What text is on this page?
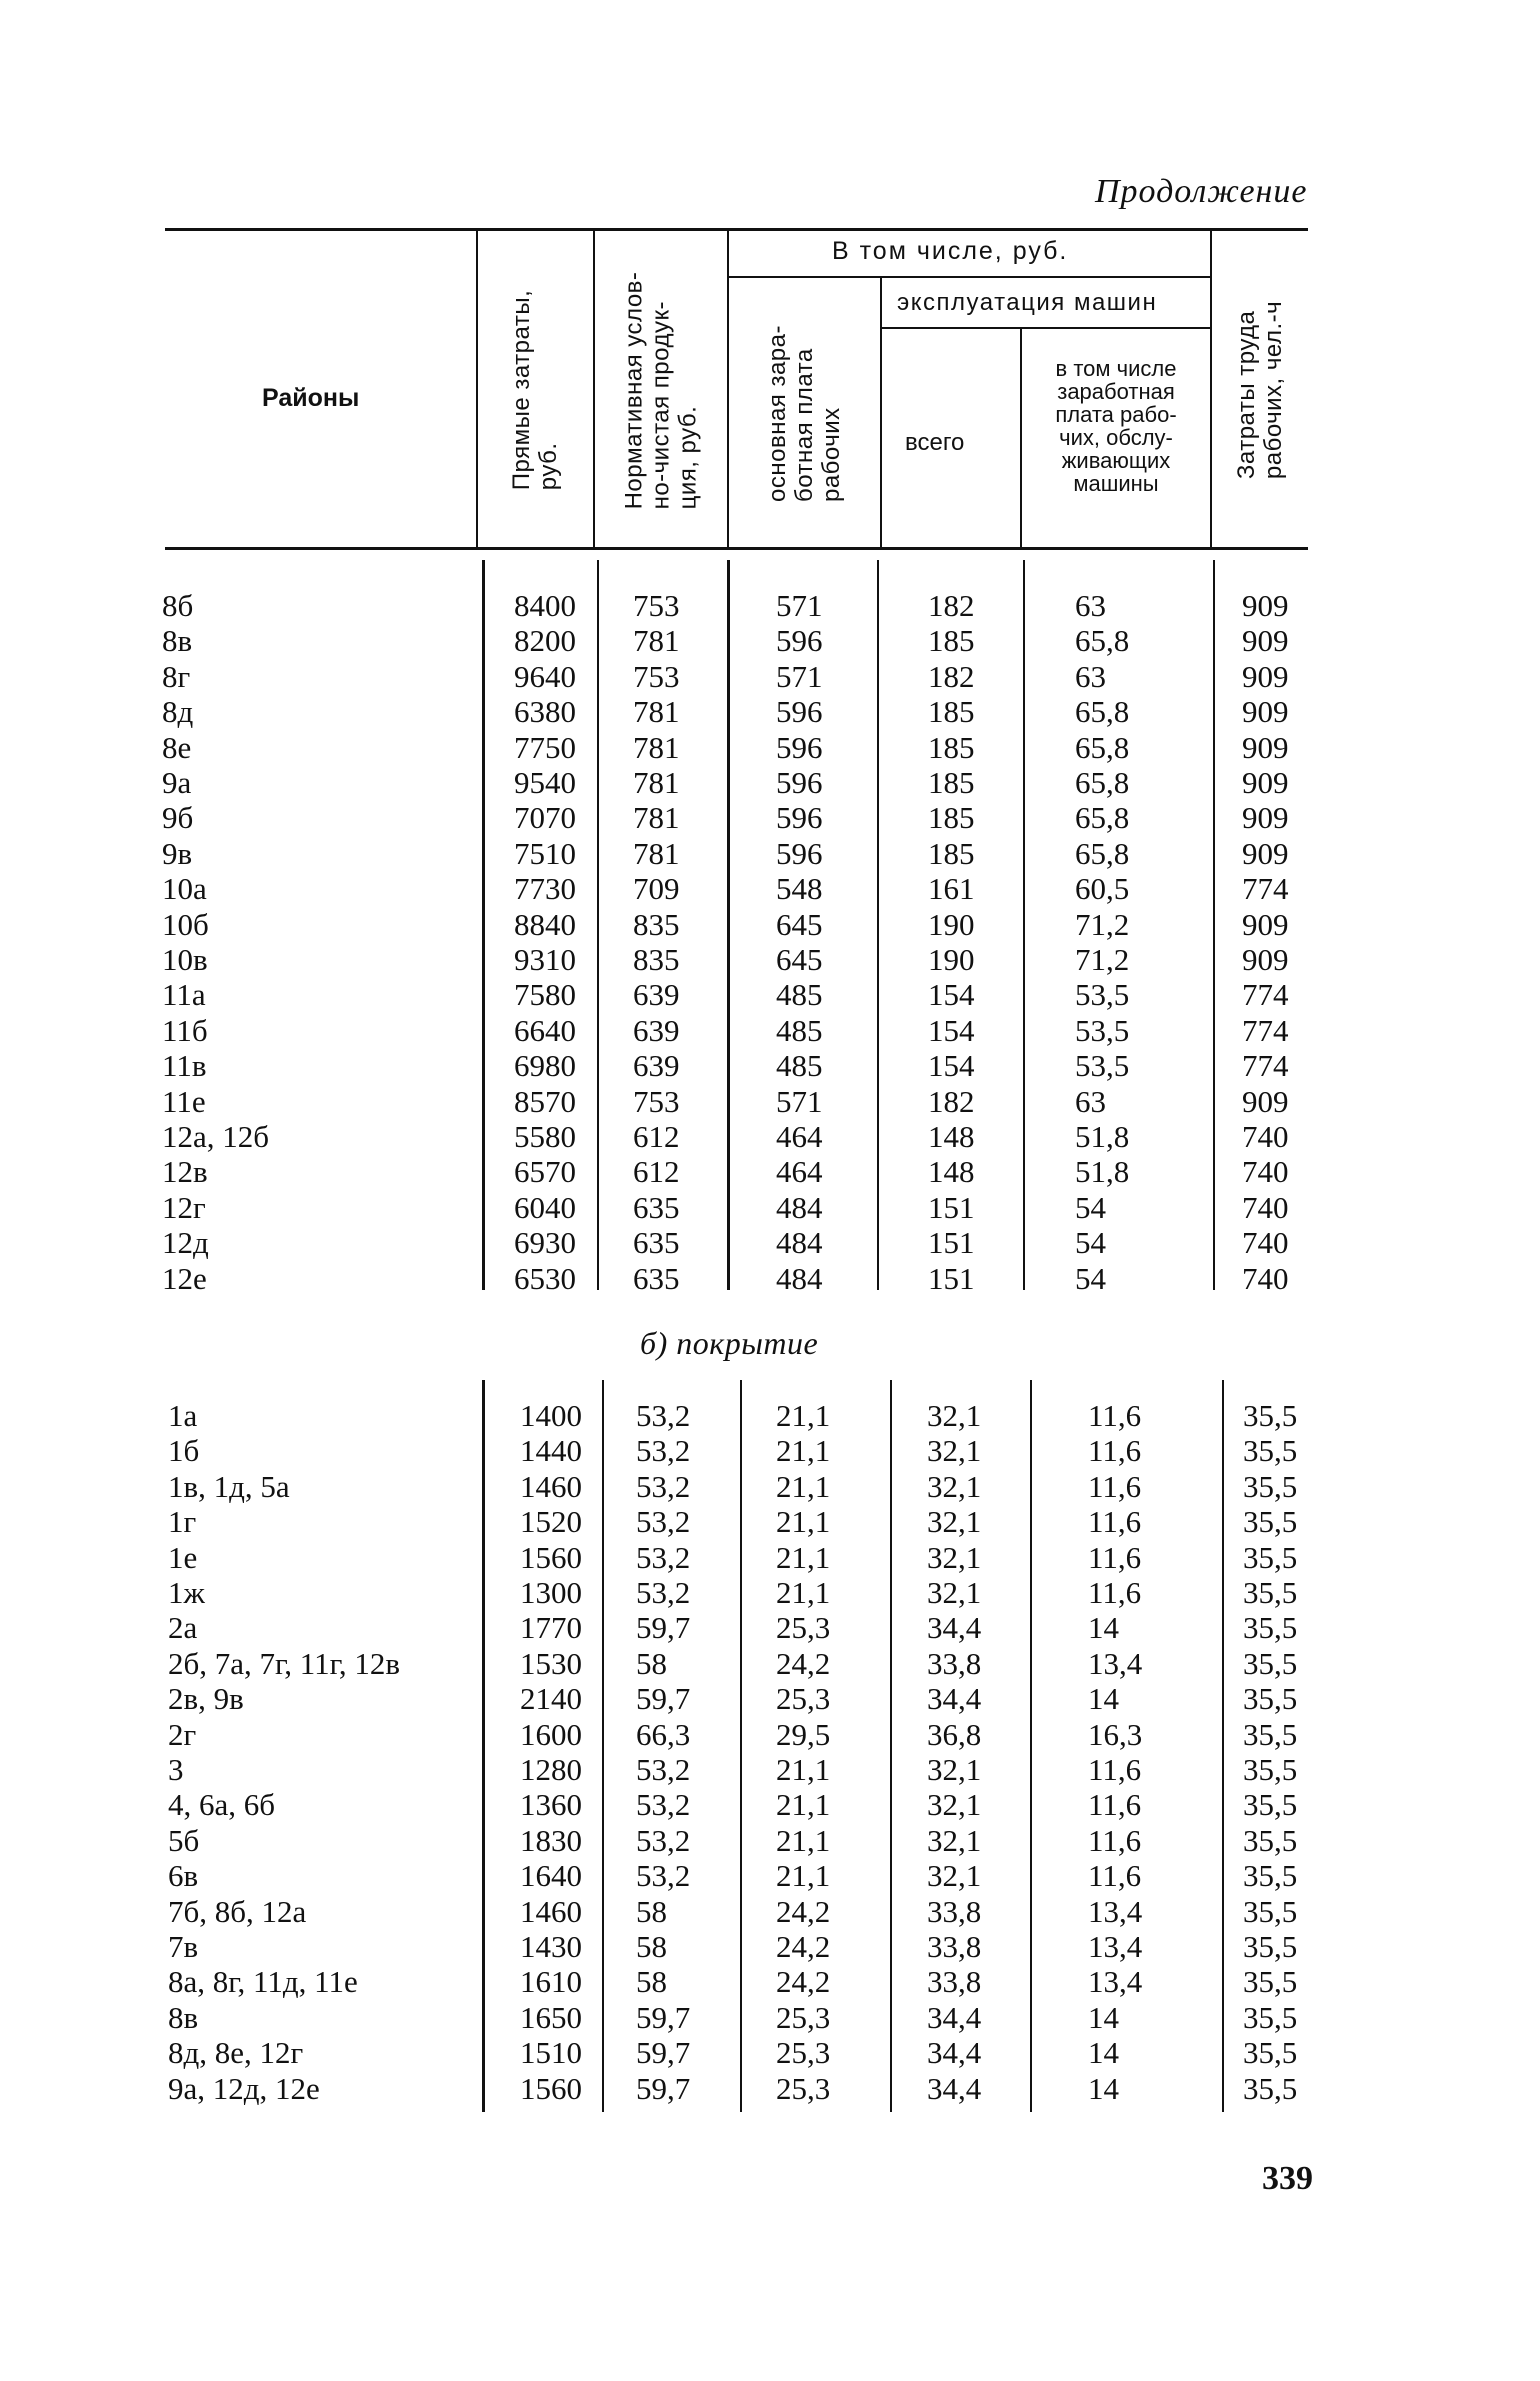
Продолжение
Районы	Прямые затраты, руб. Нормативная услов- но-чистая продук- ция, руб.
В том числе, руб.
основная зара- ботная плата рабочих
эксплуатация машин
всего
в том числе
заработная
плата рабо-
чих, обслу-
живающих
машины
Затраты труда рабочих, чел.-ч
б) покрытие
339
8б
8в
8г
8д
8е
9а
9б
9в
10а
10б
10в
11а
11б
11в
11е
12а, 12б
12в
12г
12д
12е
8400
8200
9640
6380
7750
9540
7070
7510
7730
8840
9310
7580
6640
6980
8570
5580
6570
6040
6930
6530
753
781
753
781
781
781
781
781
709
835
835
639
639
639
753
612
612
635
635
635
571
596
571
596
596
596
596
596
548
645
645
485
485
485
571
464
464
484
484
484
182
185
182
185
185
185
185
185
161
190
190
154
154
154
182
148
148
151
151
151
63
65,8
63
65,8
65,8
65,8
65,8
65,8
60,5
71,2
71,2
53,5
53,5
53,5
63
51,8
51,8
54
54
54
909
909
909
909
909
909
909
909
774
909
909
774
774
774
909
740
740
740
740
740
1а
1б
1в, 1д, 5а
1г
1е
1ж
2а
2б, 7а, 7г, 11г, 12в
2в, 9в
2г
3
4, 6а, 6б
5б
6в
7б, 8б, 12а
7в
8а, 8г, 11д, 11е
8в
8д, 8е, 12г
9а, 12д, 12е
1400
1440
1460
1520
1560
1300
1770
1530
2140
1600
1280
1360
1830
1640
1460
1430
1610
1650
1510
1560
53,2
53,2
53,2
53,2
53,2
53,2
59,7
58
59,7
66,3
53,2
53,2
53,2
53,2
58
58
58
59,7
59,7
59,7
21,1
21,1
21,1
21,1
21,1
21,1
25,3
24,2
25,3
29,5
21,1
21,1
21,1
21,1
24,2
24,2
24,2
25,3
25,3
25,3
32,1
32,1
32,1
32,1
32,1
32,1
34,4
33,8
34,4
36,8
32,1
32,1
32,1
32,1
33,8
33,8
33,8
34,4
34,4
34,4
11,6
11,6
11,6
11,6
11,6
11,6
14
13,4
14
16,3
11,6
11,6
11,6
11,6
13,4
13,4
13,4
14
14
14
35,5
35,5
35,5
35,5
35,5
35,5
35,5
35,5
35,5
35,5
35,5
35,5
35,5
35,5
35,5
35,5
35,5
35,5
35,5
35,5
